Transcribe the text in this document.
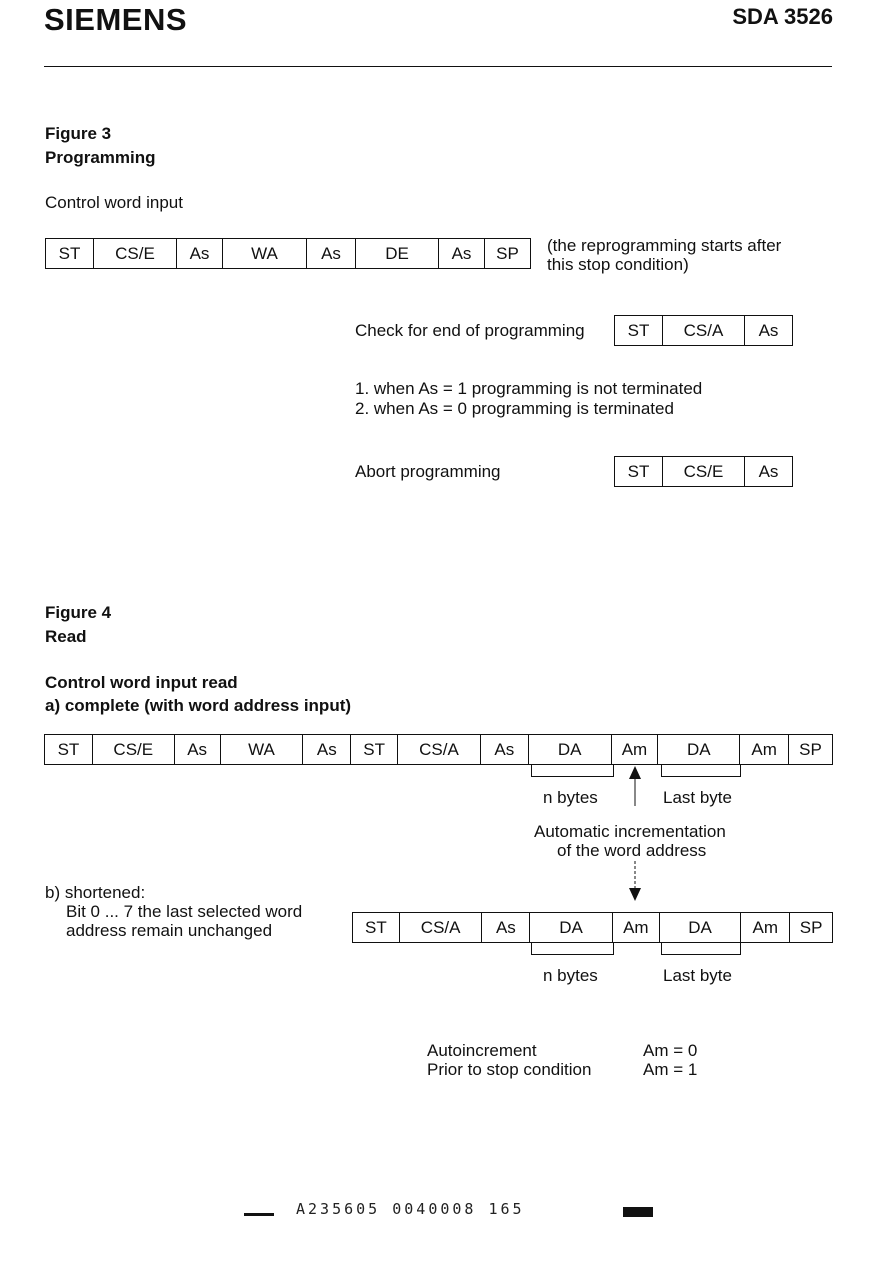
SIEMENS	SDA 3526
Figure 3
Programming
Control word input
ST	CS/E	As	WA	As	DE	As	SP	(the reprogramming starts after
this stop condition)
Check for end of programming	ST	CS/A	As
1. when As = 1 programming is not terminated
2. when As = 0 programming is terminated
Abort programming	ST	CS/E	As
Figure 4
Read
Control word input read
a) complete (with word address input)
ST	CS/E	As	WA	As	ST	CS/A	As	DA	Am	DA	Am	SP
n bytes	Last byte
Automatic incrementation
of the word address
b) shortened:
Bit 0 ... 7 the last selected word
address remain unchanged	ST	CS/A	As	DA	Am	DA	Am	SP
n bytes	Last byte
Autoincrement	Am = 0
Prior to stop condition	Am = 1
A235605 0040008 165
